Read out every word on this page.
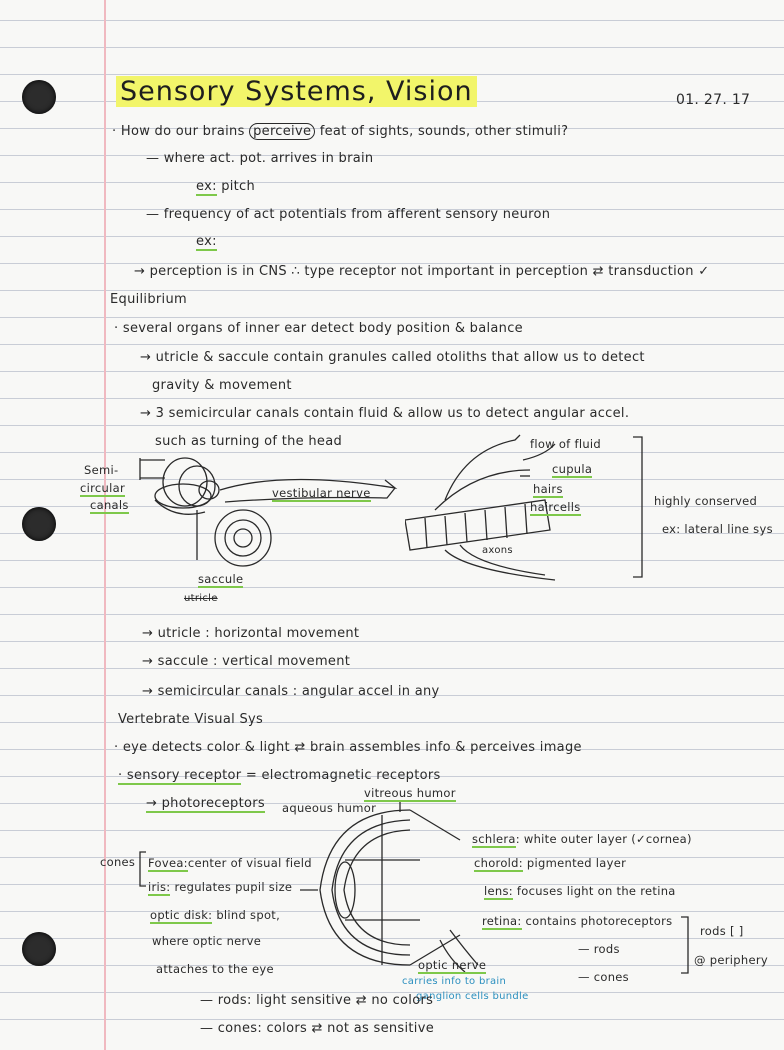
Sensory Systems, Vision	01. 27. 17
· How do our brains perceive feat of sights, sounds, other stimuli?
— where act. pot. arrives in brain
ex: pitch
— frequency of act potentials from afferent sensory neuron
ex:
→ perception is in CNS ∴ type receptor not important in perception ⇄ transduction ✓
Equilibrium
· several organs of inner ear detect body position & balance
→ utricle & saccule contain granules called otoliths that allow us to detect
gravity & movement
→ 3 semicircular canals contain fluid & allow us to detect angular accel.
such as turning of the head
Semi-
circular
canals
vestibular nerve
saccule
utricle
flow of fluid
cupula
hairs
haircells
axons
highly conserved
ex: lateral line sys
→ utricle : horizontal movement
→ saccule : vertical movement
→ semicircular canals : angular accel in any
Vertebrate Visual Sys
· eye detects color & light ⇄ brain assembles info & perceives image
· sensory receptor = electromagnetic receptors
→ photoreceptors
vitreous humor
aqueous humor
schlera: white outer layer (✓cornea)
chorold: pigmented layer
lens: focuses light on the retina
retina: contains photoreceptors
— rods
— cones
rods [ ]
@ periphery
cones Fovea:center of visual field
iris: regulates pupil size
optic disk: blind spot,
where optic nerve
attaches to the eye	optic nerve
carries info to brain
ganglion cells bundle
— rods: light sensitive ⇄ no colors
— cones: colors ⇄ not as sensitive
